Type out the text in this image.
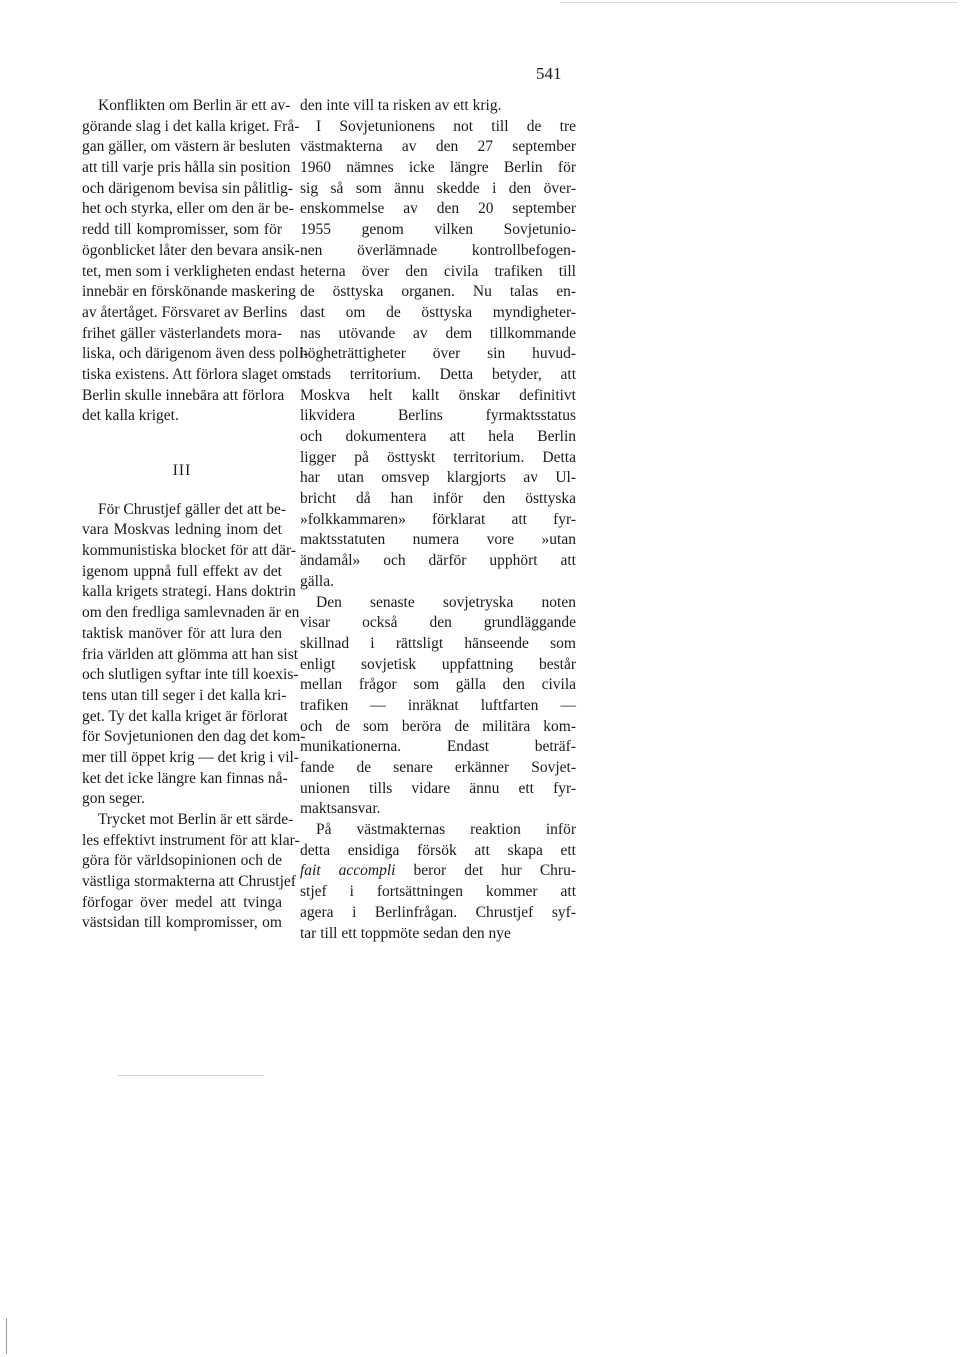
541
Konflikten om Berlin är ett av-
görande slag i det kalla kriget. Frå-
gan gäller, om västern är besluten
att till varje pris hålla sin position
och därigenom bevisa sin pålitlig-
het och styrka, eller om den är be-
redd till kompromisser, som för
ögonblicket låter den bevara ansik-
tet, men som i verkligheten endast
innebär en förskönande maskering
av återtåget. Försvaret av Berlins
frihet gäller västerlandets mora-
liska, och därigenom även dess poli-
tiska existens. Att förlora slaget om
Berlin skulle innebära att förlora
det kalla kriget.
III
För Chrustjef gäller det att be-
vara Moskvas ledning inom det
kommunistiska blocket för att där-
igenom uppnå full effekt av det
kalla krigets strategi. Hans doktrin
om den fredliga samlevnaden är en
taktisk manöver för att lura den
fria världen att glömma att han sist
och slutligen syftar inte till koexis-
tens utan till seger i det kalla kri-
get. Ty det kalla kriget är förlorat
för Sovjetunionen den dag det kom-
mer till öppet krig — det krig i vil-
ket det icke längre kan finnas nå-
gon seger.
Trycket mot Berlin är ett särde-
les effektivt instrument för att klar-
göra för världsopinionen och de
västliga stormakterna att Chrustjef
förfogar över medel att tvinga
västsidan till kompromisser, om
den inte vill ta risken av ett krig.
I Sovjetunionens not till de tre
västmakterna av den 27 september
1960 nämnes icke längre Berlin för
sig så som ännu skedde i den över-
enskommelse av den 20 september
1955 genom vilken Sovjetunio-
nen överlämnade kontrollbefogen-
heterna över den civila trafiken till
de östtyska organen. Nu talas en-
dast om de östtyska myndigheter-
nas utövande av dem tillkommande
högheträttigheter över sin huvud-
stads territorium. Detta betyder, att
Moskva helt kallt önskar definitivt
likvidera Berlins fyrmaktsstatus
och dokumentera att hela Berlin
ligger på östtyskt territorium. Detta
har utan omsvep klargjorts av Ul-
bricht då han inför den östtyska
»folkkammaren» förklarat att fyr-
maktsstatuten numera vore »utan
ändamål» och därför upphört att
gälla.
Den senaste sovjetryska noten
visar också den grundläggande
skillnad i rättsligt hänseende som
enligt sovjetisk uppfattning består
mellan frågor som gälla den civila
trafiken — inräknat luftfarten —
och de som beröra de militära kom-
munikationerna. Endast beträf-
fande de senare erkänner Sovjet-
unionen tills vidare ännu ett fyr-
maktsansvar.
På västmakternas reaktion inför
detta ensidiga försök att skapa ett
fait accompli beror det hur Chru-
stjef i fortsättningen kommer att
agera i Berlinfrågan. Chrustjef syf-
tar till ett toppmöte sedan den nye
